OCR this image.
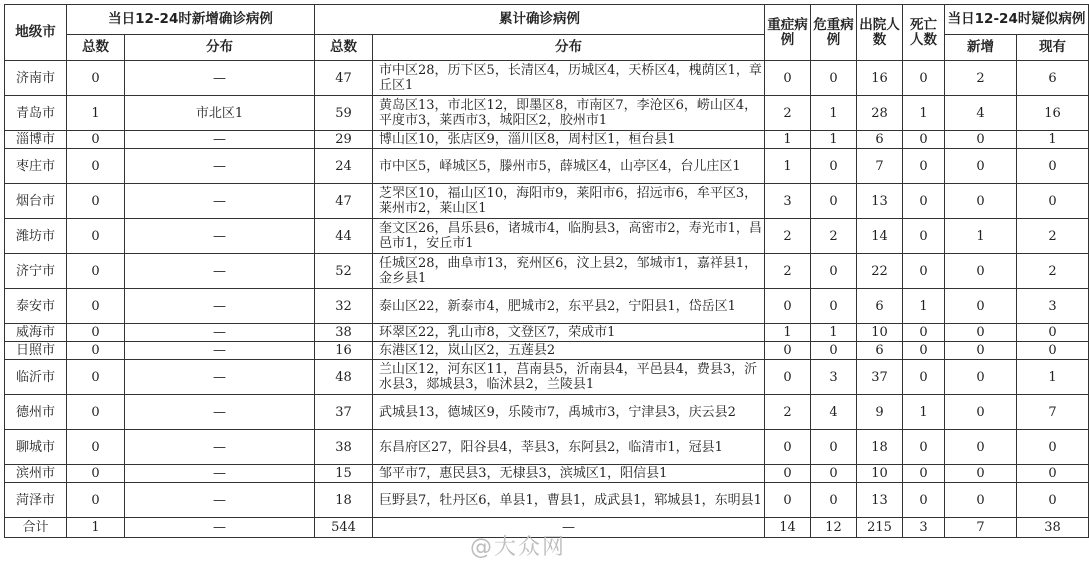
地级市	当日12-24时新增确诊病例		累计确诊病例		重症病例	危重病例	出院人数	死亡人数	当日12-24时疑似病例	
	总数	分布	总数	分布					新增	现有
济南市	0	—	47	市中区28，历下区5，长清区4，历城区4，天桥区4，槐荫区1，章丘区1	0	0	16	0	2	6
青岛市	1	市北区1	59	黄岛区13，市北区12，即墨区8，市南区7，李沧区6，崂山区4，平度市3，莱西市3，城阳区2，胶州市1	2	1	28	1	4	16
淄博市	0	—	29	博山区10，张店区9，淄川区8，周村区1，桓台县1	1	1	6	0	0	1
枣庄市	0	—	24	市中区5，峄城区5，滕州市5，薛城区4，山亭区4，台儿庄区1	1	0	7	0	0	0
烟台市	0	—	47	芝罘区10，福山区10，海阳市9，莱阳市6，招远市6，牟平区3，莱州市2，莱山区1	3	0	13	0	0	0
潍坊市	0	—	44	奎文区26，昌乐县6，诸城市4，临朐县3，高密市2，寿光市1，昌邑市1，安丘市1	2	2	14	0	1	2
济宁市	0	—	52	任城区28，曲阜市13，兖州区6，汶上县2，邹城市1，嘉祥县1，金乡县1	2	0	22	0	0	2
泰安市	0	—	32	泰山区22，新泰市4，肥城市2，东平县2，宁阳县1，岱岳区1	0	0	6	1	0	3
威海市	0	—	38	环翠区22，乳山市8，文登区7，荣成市1	1	1	10	0	0	0
日照市	0	—	16	东港区12，岚山区2，五莲县2	0	0	6	0	0	0
临沂市	0	—	48	兰山区12，河东区11，莒南县5，沂南县4，平邑县4，费县3，沂水县3，郯城县3，临沭县2，兰陵县1	0	3	37	0	0	1
德州市	0	—	37	武城县13，德城区9，乐陵市7，禹城市3，宁津县3，庆云县2	2	4	9	1	0	7
聊城市	0	—	38	东昌府区27，阳谷县4，莘县3，东阿县2，临清市1，冠县1	0	0	18	0	0	0
滨州市	0	—	15	邹平市7，惠民县3，无棣县3，滨城区1，阳信县1	0	0	10	0	0	0
菏泽市	0	—	18	巨野县7，牡丹区6，单县1，曹县1，成武县1，郓城县1，东明县1	0	0	13	0	0	0
合计	1	—	544	—	14	12	215	3	7	38
@大众网
